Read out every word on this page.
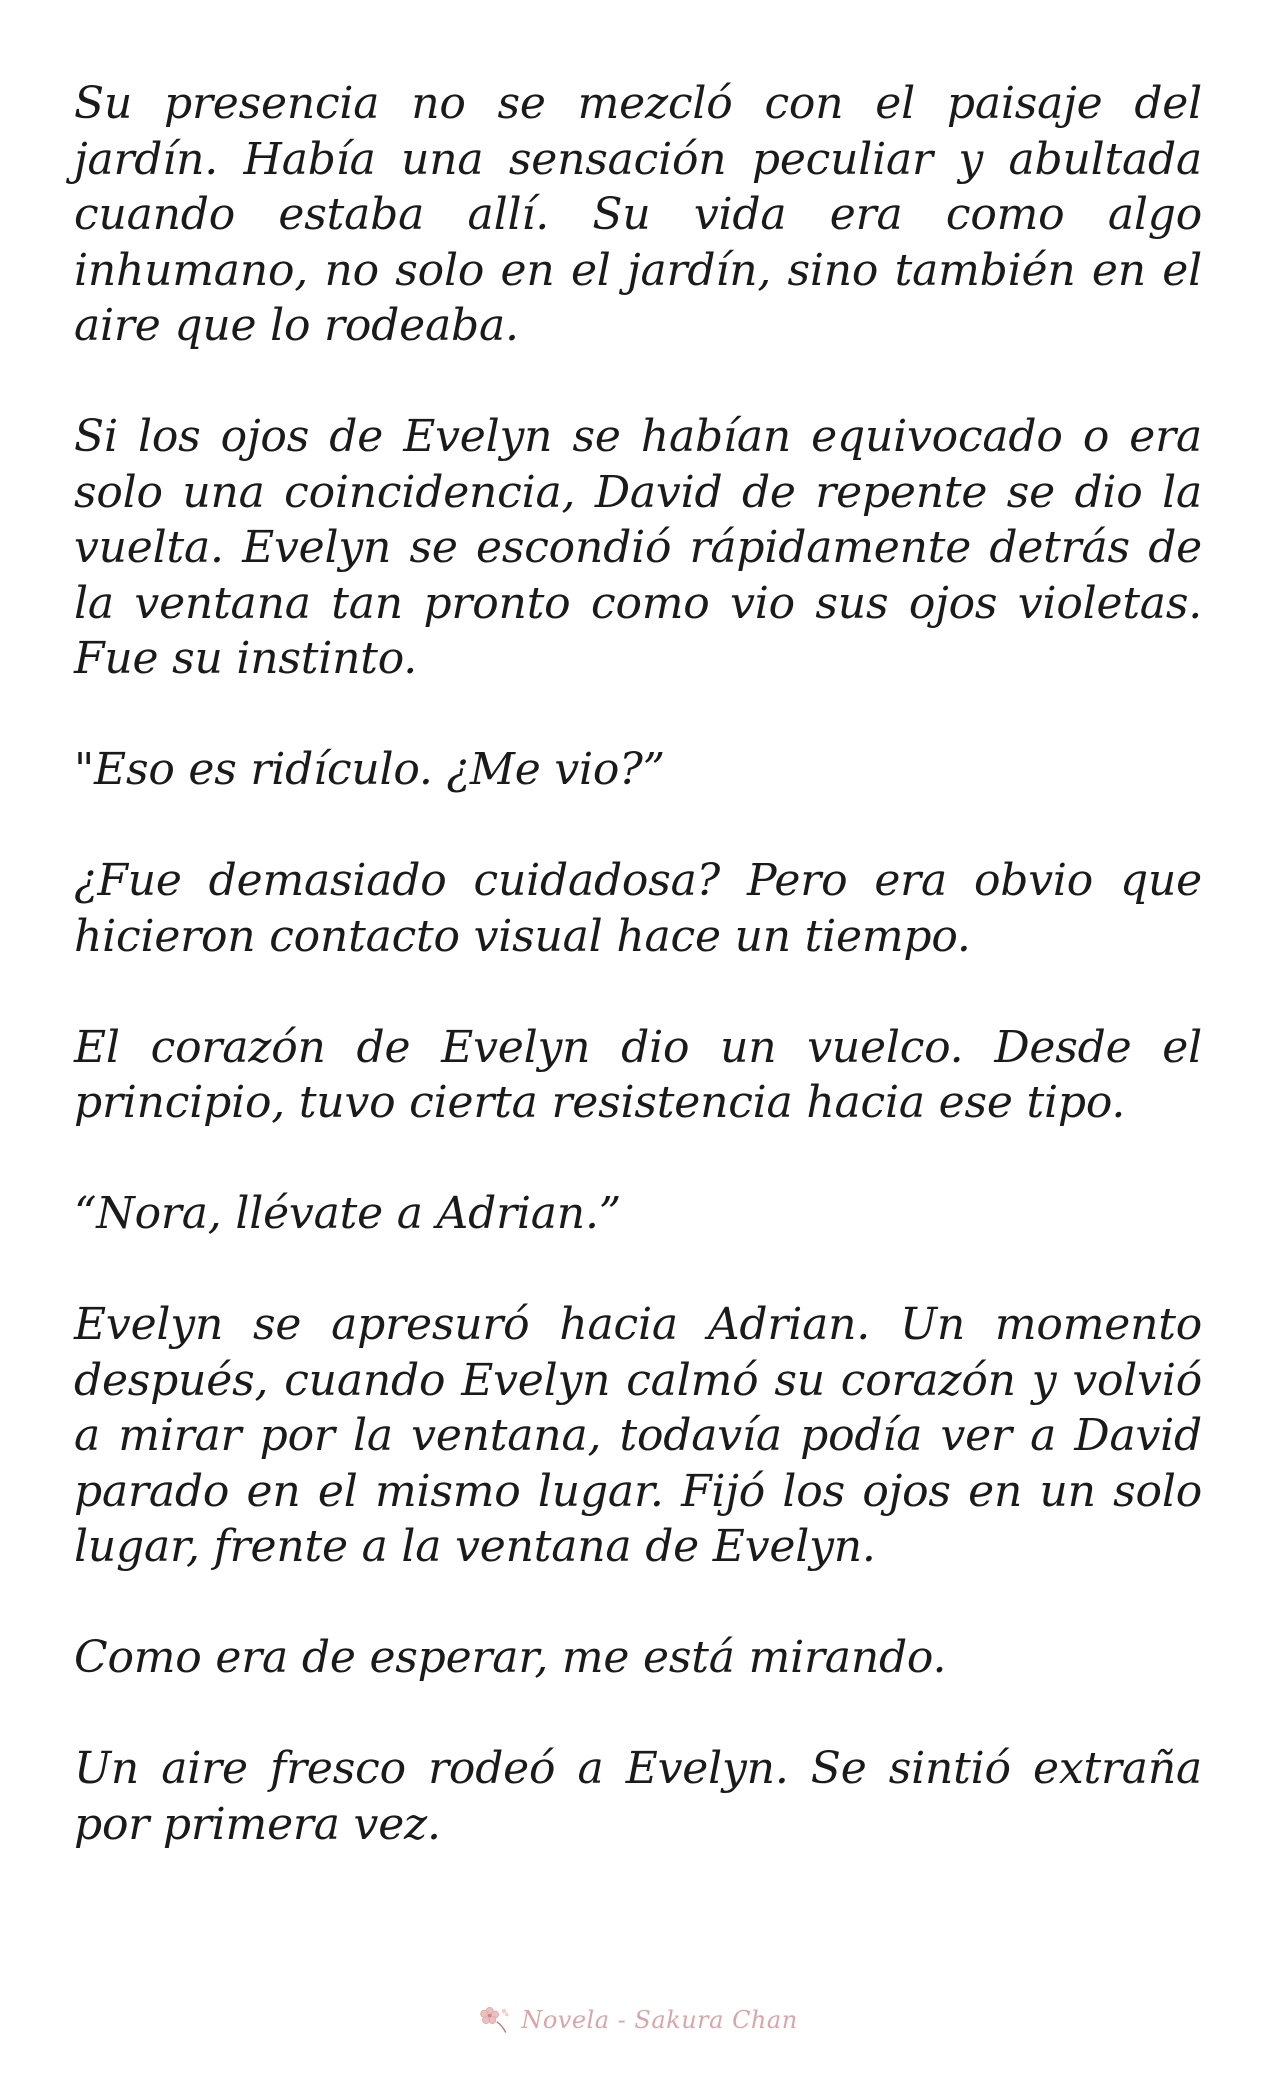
Su presencia no se mezcló con el paisaje del jardín. Había una sensación peculiar y abultada cuando estaba allí. Su vida era como algo inhumano, no solo en el jardín, sino también en el aire que lo rodeaba.

Si los ojos de Evelyn se habían equivocado o era solo una coincidencia, David de repente se dio la vuelta. Evelyn se escondió rápidamente detrás de la ventana tan pronto como vio sus ojos violetas. Fue su instinto.

"Eso es ridículo. ¿Me vio?”

¿Fue demasiado cuidadosa? Pero era obvio que hicieron contacto visual hace un tiempo.

El corazón de Evelyn dio un vuelco. Desde el principio, tuvo cierta resistencia hacia ese tipo.

“Nora, llévate a Adrian.”

Evelyn se apresuró hacia Adrian. Un momento después, cuando Evelyn calmó su corazón y volvió a mirar por la ventana, todavía podía ver a David parado en el mismo lugar. Fijó los ojos en un solo lugar, frente a la ventana de Evelyn.

Como era de esperar, me está mirando.

Un aire fresco rodeó a Evelyn. Se sintió extraña por primera vez.

Novela - Sakura Chan
